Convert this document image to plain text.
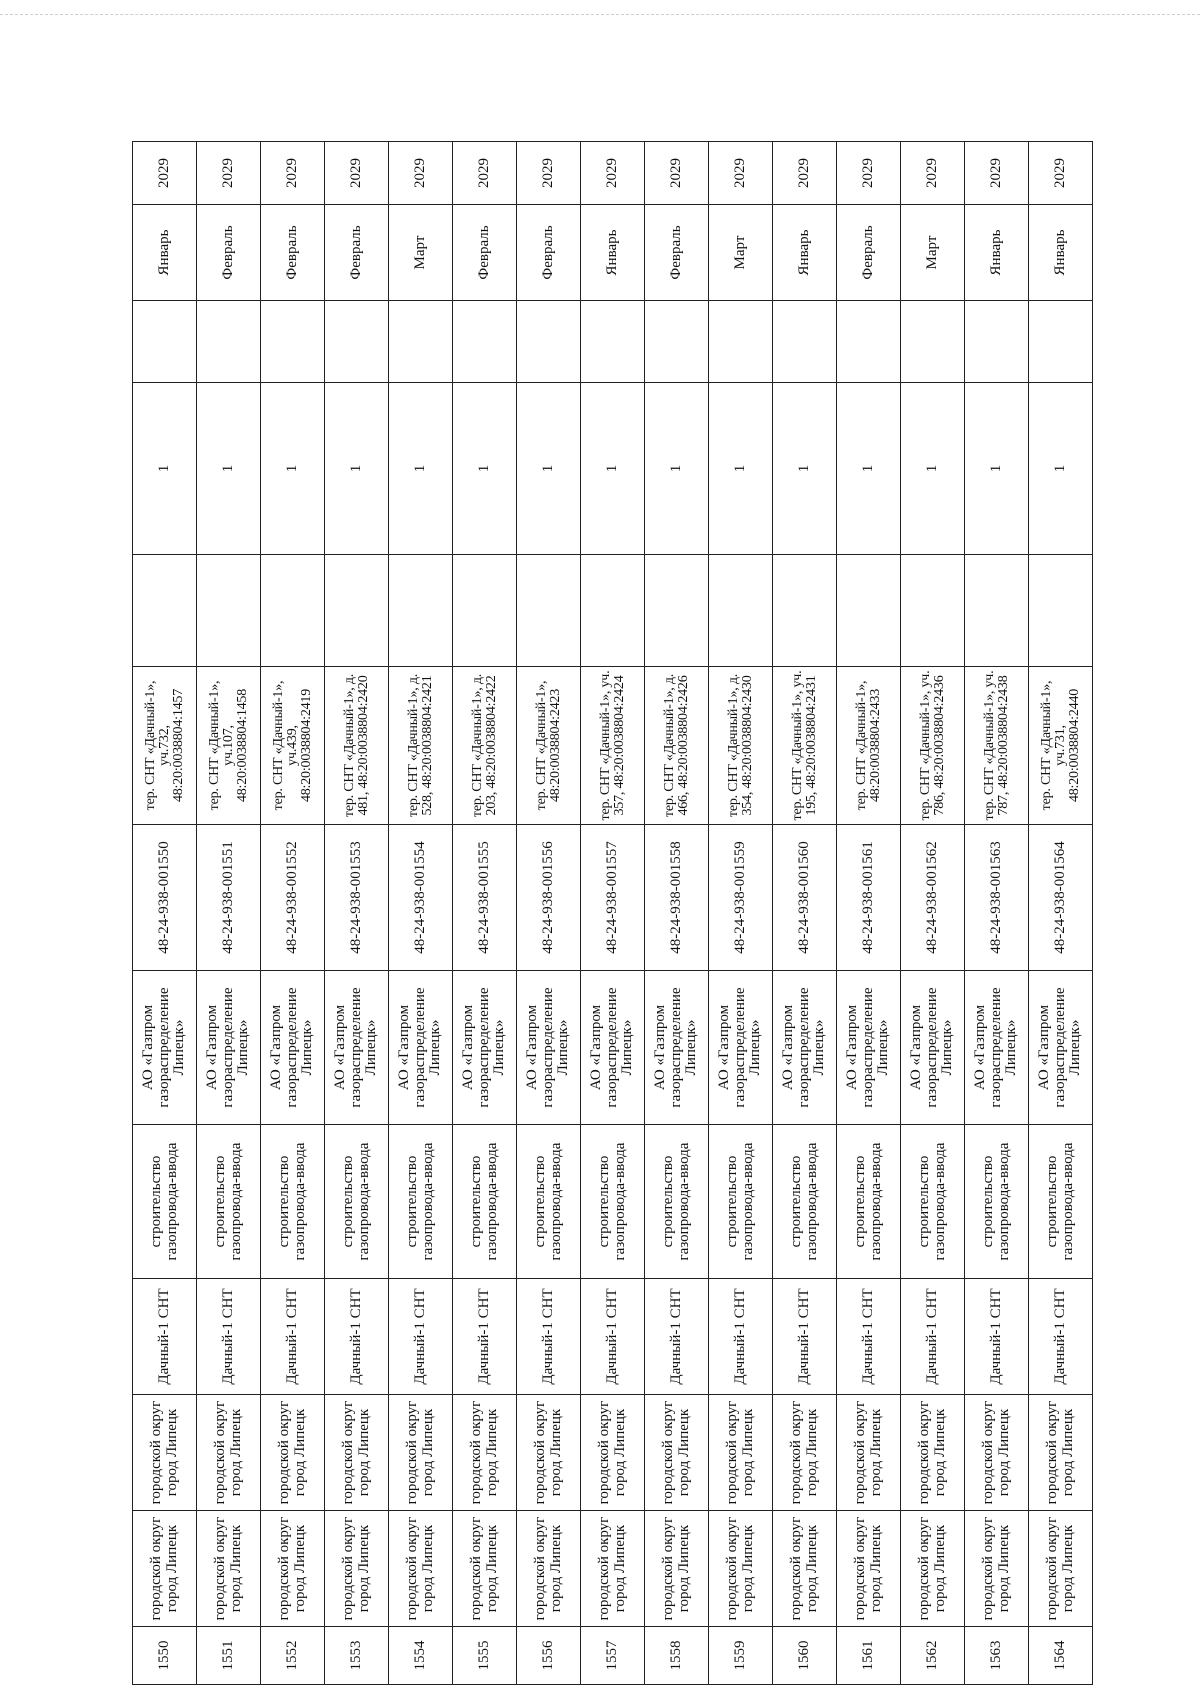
1550	городской округ город Липецк	городской округ город Липецк	Дачный-1 СНТ	строительство газопровода-ввода	АО «Газпром газораспределение Липецк»	48-24-938-001550	тер. СНТ «Дачный-1», уч.732, 48:20:0038804:1457		1		Январь	2029
1551	городской округ город Липецк	городской округ город Липецк	Дачный-1 СНТ	строительство газопровода-ввода	АО «Газпром газораспределение Липецк»	48-24-938-001551	тер. СНТ «Дачный-1», уч.107, 48:20:0038804:1458		1		Февраль	2029
1552	городской округ город Липецк	городской округ город Липецк	Дачный-1 СНТ	строительство газопровода-ввода	АО «Газпром газораспределение Липецк»	48-24-938-001552	тер. СНТ «Дачный-1», уч.439, 48:20:0038804:2419		1		Февраль	2029
1553	городской округ город Липецк	городской округ город Липецк	Дачный-1 СНТ	строительство газопровода-ввода	АО «Газпром газораспределение Липецк»	48-24-938-001553	тер. СНТ «Дачный-1», д. 481, 48:20:0038804:2420		1		Февраль	2029
1554	городской округ город Липецк	городской округ город Липецк	Дачный-1 СНТ	строительство газопровода-ввода	АО «Газпром газораспределение Липецк»	48-24-938-001554	тер. СНТ «Дачный-1», д. 528, 48:20:0038804:2421		1		Март	2029
1555	городской округ город Липецк	городской округ город Липецк	Дачный-1 СНТ	строительство газопровода-ввода	АО «Газпром газораспределение Липецк»	48-24-938-001555	тер. СНТ «Дачный-1», д. 203, 48:20:0038804:2422		1		Февраль	2029
1556	городской округ город Липецк	городской округ город Липецк	Дачный-1 СНТ	строительство газопровода-ввода	АО «Газпром газораспределение Липецк»	48-24-938-001556	тер. СНТ «Дачный-1», 48:20:0038804:2423		1		Февраль	2029
1557	городской округ город Липецк	городской округ город Липецк	Дачный-1 СНТ	строительство газопровода-ввода	АО «Газпром газораспределение Липецк»	48-24-938-001557	тер. СНТ «Дачный-1», уч. 357, 48:20:0038804:2424		1		Январь	2029
1558	городской округ город Липецк	городской округ город Липецк	Дачный-1 СНТ	строительство газопровода-ввода	АО «Газпром газораспределение Липецк»	48-24-938-001558	тер. СНТ «Дачный-1», д. 466, 48:20:0038804:2426		1		Февраль	2029
1559	городской округ город Липецк	городской округ город Липецк	Дачный-1 СНТ	строительство газопровода-ввода	АО «Газпром газораспределение Липецк»	48-24-938-001559	тер. СНТ «Дачный-1», д. 354, 48:20:0038804:2430		1		Март	2029
1560	городской округ город Липецк	городской округ город Липецк	Дачный-1 СНТ	строительство газопровода-ввода	АО «Газпром газораспределение Липецк»	48-24-938-001560	тер. СНТ «Дачный-1», уч. 195, 48:20:0038804:2431		1		Январь	2029
1561	городской округ город Липецк	городской округ город Липецк	Дачный-1 СНТ	строительство газопровода-ввода	АО «Газпром газораспределение Липецк»	48-24-938-001561	тер. СНТ «Дачный-1», 48:20:0038804:2433		1		Февраль	2029
1562	городской округ город Липецк	городской округ город Липецк	Дачный-1 СНТ	строительство газопровода-ввода	АО «Газпром газораспределение Липецк»	48-24-938-001562	тер. СНТ «Дачный-1», уч. 786, 48:20:0038804:2436		1		Март	2029
1563	городской округ город Липецк	городской округ город Липецк	Дачный-1 СНТ	строительство газопровода-ввода	АО «Газпром газораспределение Липецк»	48-24-938-001563	тер. СНТ «Дачный-1», уч. 787, 48:20:0038804:2438		1		Январь	2029
1564	городской округ город Липецк	городской округ город Липецк	Дачный-1 СНТ	строительство газопровода-ввода	АО «Газпром газораспределение Липецк»	48-24-938-001564	тер. СНТ «Дачный-1», уч.731, 48:20:0038804:2440		1		Январь	2029
